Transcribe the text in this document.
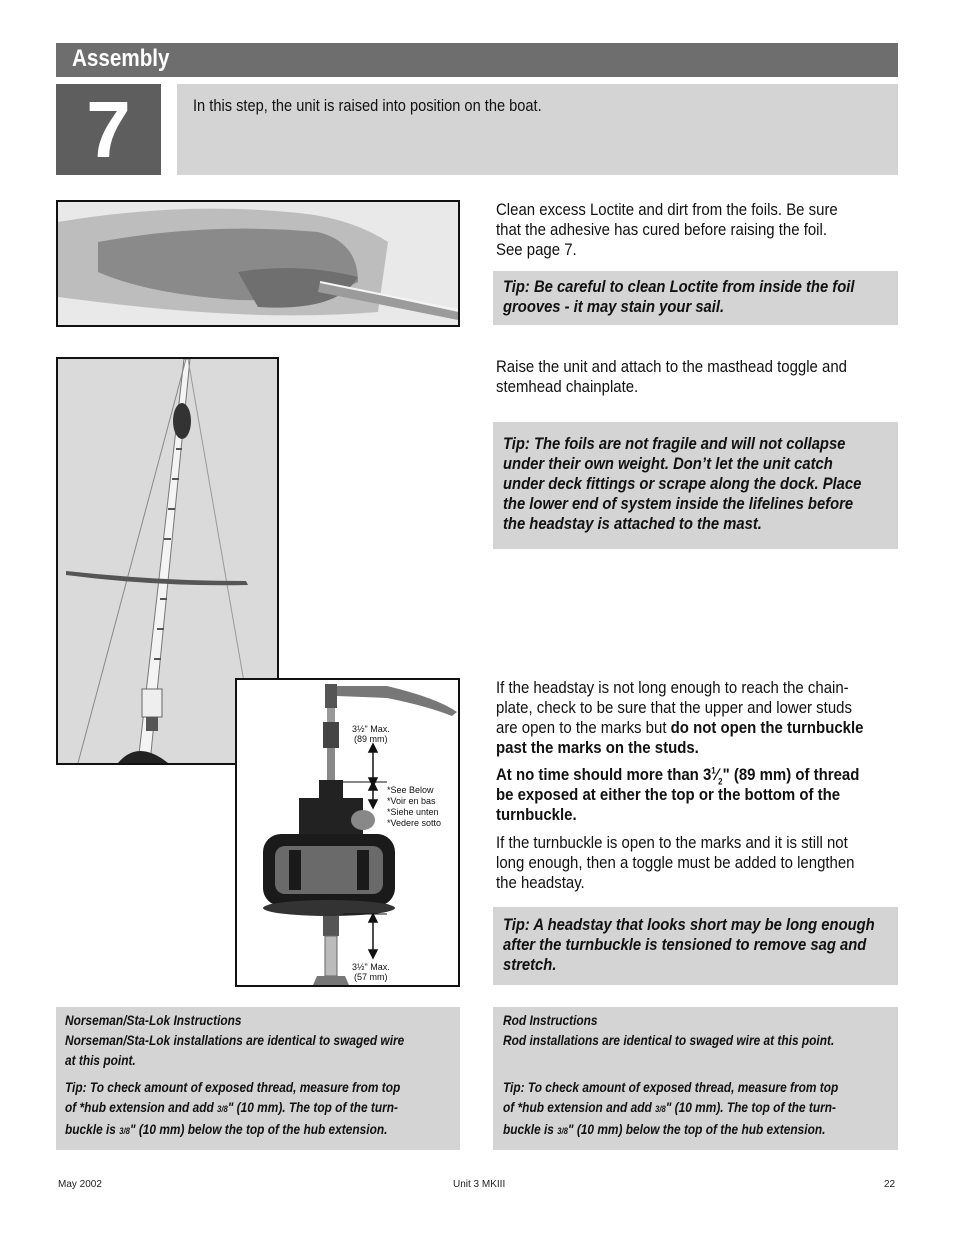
Assembly
7	In this step, the unit is raised into position on the boat.
Clean excess Loctite and dirt from the foils. Be sure
that the adhesive has cured before raising the foil.
See page 7.
Tip: Be careful to clean Loctite from inside the foil
grooves - it may stain your sail.
Raise the unit and attach to the masthead toggle and
stemhead chainplate.
Tip: The foils are not fragile and will not collapse
under their own weight. Don’t let the unit catch
under deck fittings or scrape along the dock. Place
the lower end of system inside the lifelines before
the headstay is attached to the mast.
3½" Max.
(89 mm)
*See Below
*Voir en bas
*Siehe unten
*Vedere sotto
3½" Max.
(57 mm)
If the headstay is not long enough to reach the chain-
plate, check to be sure that the upper and lower studs
are open to the marks but do not open the turnbuckle
past the marks on the studs.
At no time should more than $3^1⁄_2$" (89 mm) of thread
be exposed at either the top or the bottom of the
turnbuckle.
If the turnbuckle is open to the marks and it is still not
long enough, then a toggle must be added to lengthen
the headstay.
Tip: A headstay that looks short may be long enough
after the turnbuckle is tensioned to remove sag and
stretch.
Norseman/Sta-Lok Instructions
Norseman/Sta-Lok installations are identical to swaged wire
at this point.
Tip: To check amount of exposed thread, measure from top
of *hub extension and add 3/8" (10 mm). The top of the turn-
buckle is 3/8" (10 mm) below the top of the hub extension.
Rod Instructions
Rod installations are identical to swaged wire at this point.
Tip: To check amount of exposed thread, measure from top
of *hub extension and add 3/8" (10 mm). The top of the turn-
buckle is 3/8" (10 mm) below the top of the hub extension.
May 2002	Unit 3 MKIII	22
